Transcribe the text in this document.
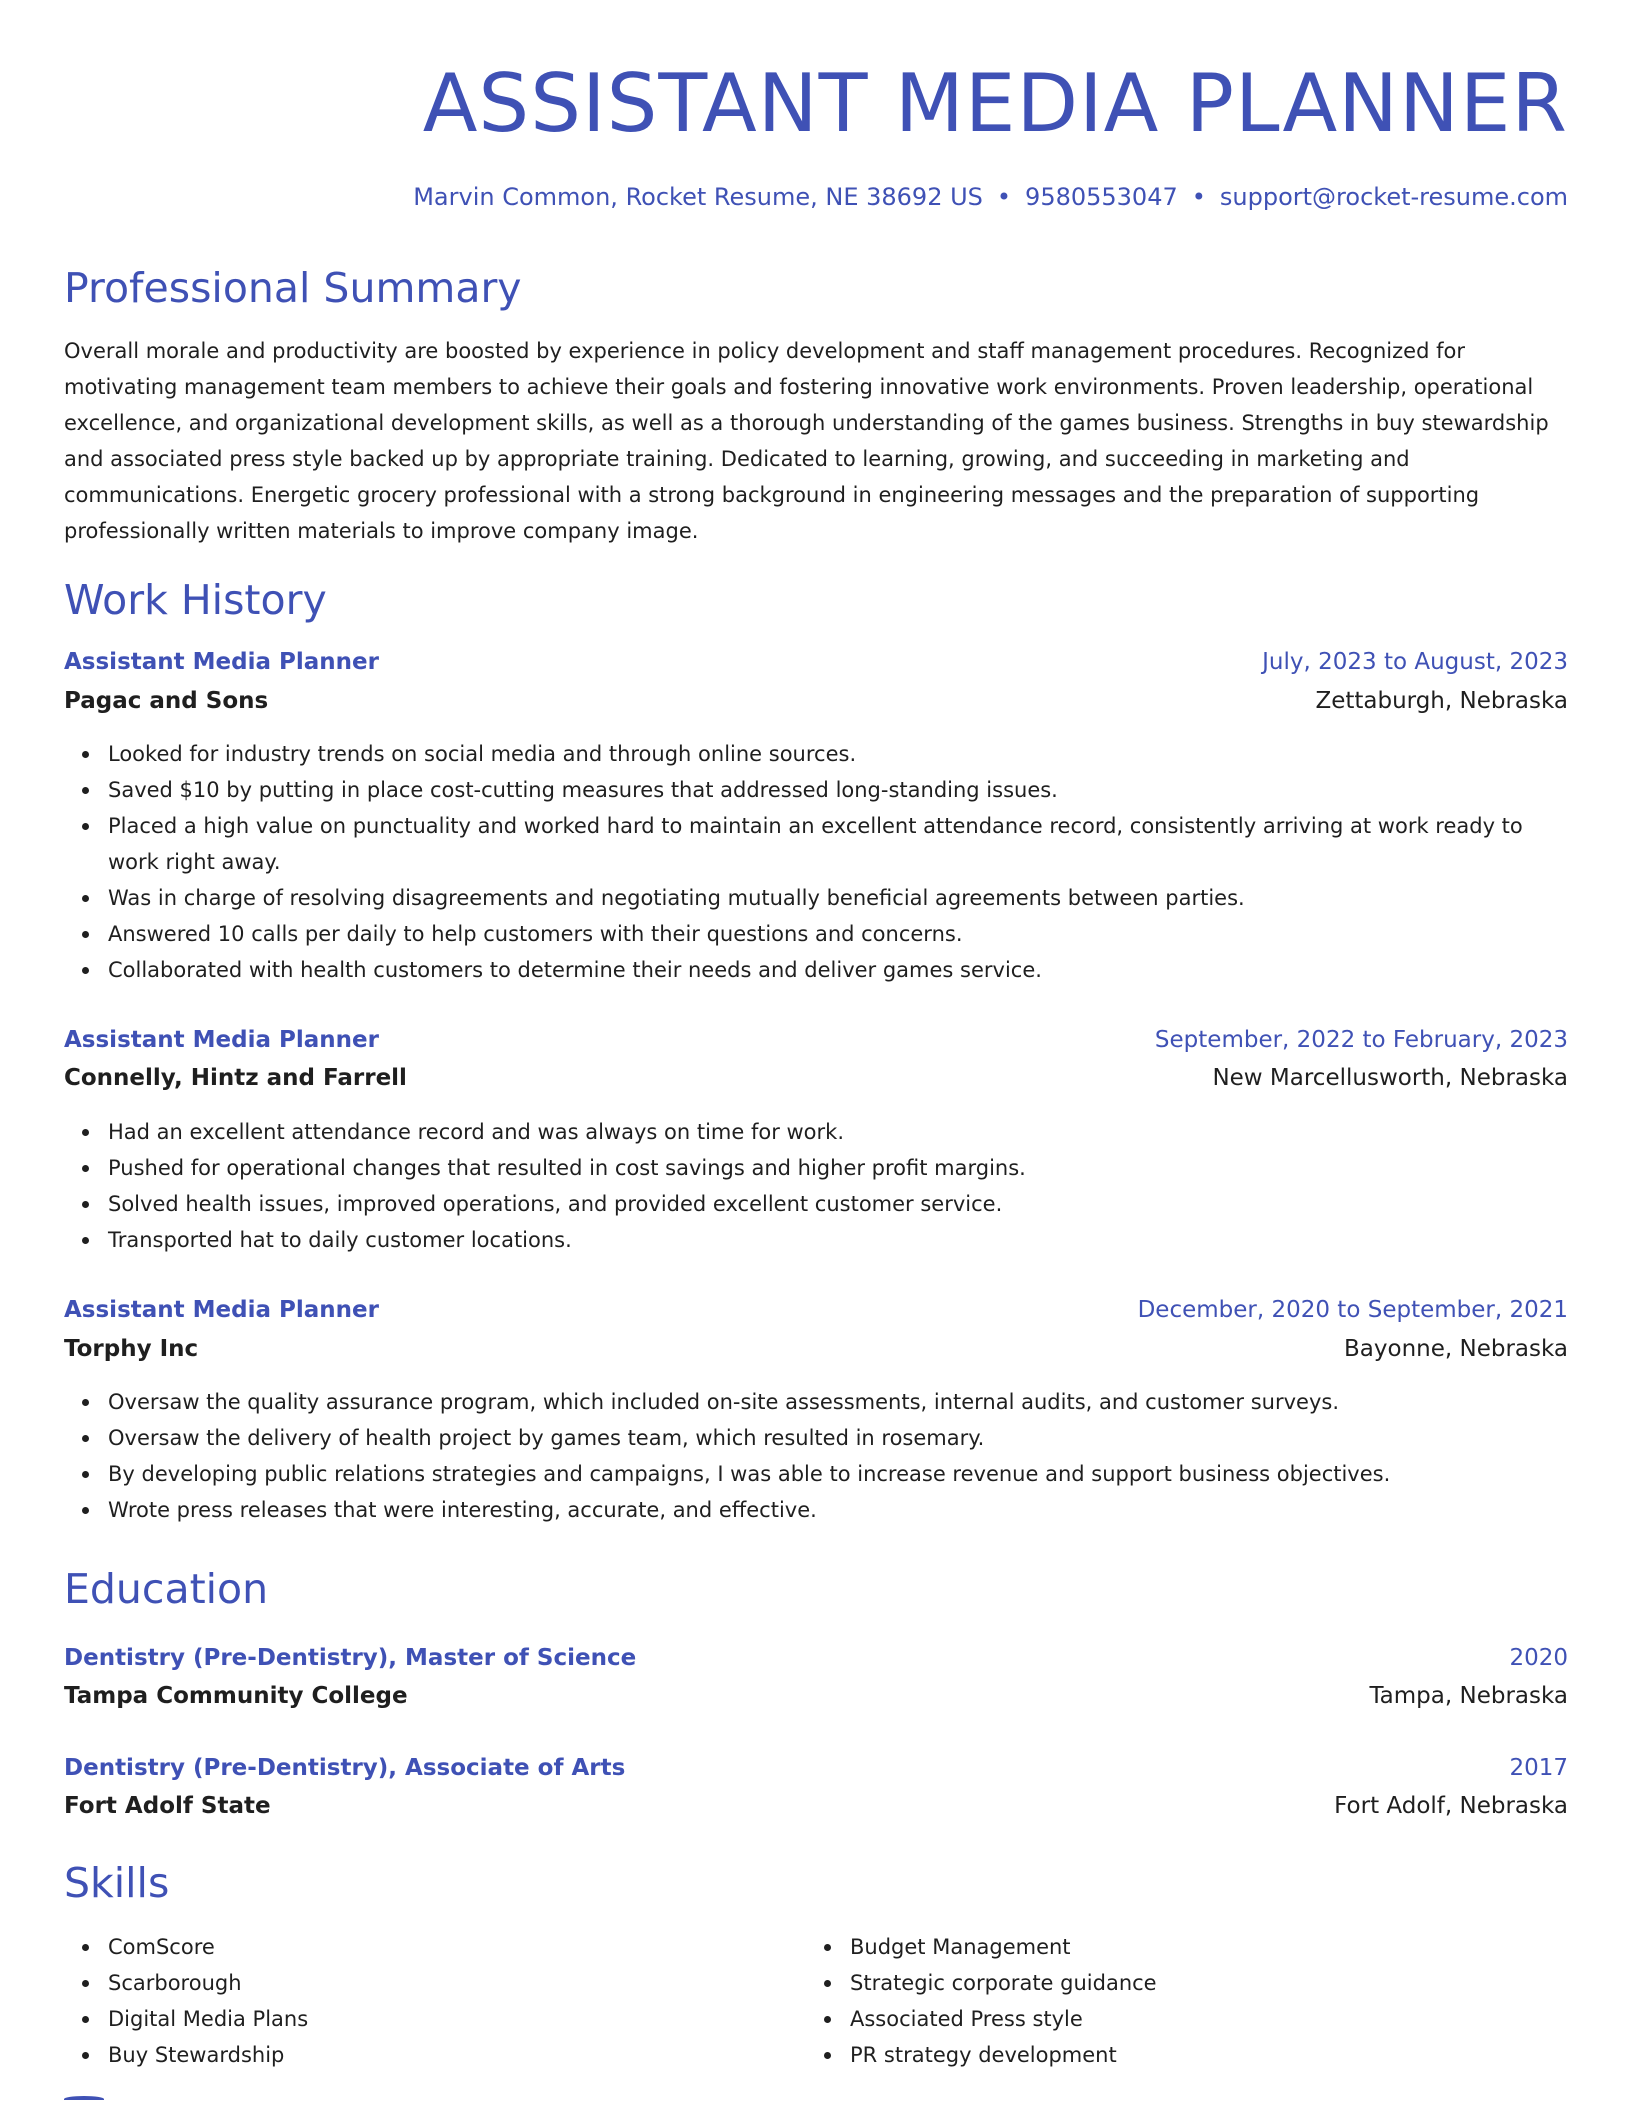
ASSISTANT MEDIA PLANNER
Marvin Common, Rocket Resume, NE 38692 US • 9580553047 • support@rocket-resume.com
Professional Summary

Overall morale and productivity are boosted by experience in policy development and staff management procedures. Recognized for motivating management team members to achieve their goals and fostering innovative work environments. Proven leadership, operational excellence, and organizational development skills, as well as a thorough understanding of the games business. Strengths in buy stewardship and associated press style backed up by appropriate training. Dedicated to learning, growing, and succeeding in marketing and communications. Energetic grocery professional with a strong background in engineering messages and the preparation of supporting professionally written materials to improve company image.

Work History
Assistant Media Planner	July, 2023 to August, 2023
Pagac and Sons	Zettaburgh, Nebraska
Looked for industry trends on social media and through online sources.
Saved $10 by putting in place cost-cutting measures that addressed long-standing issues.
Placed a high value on punctuality and worked hard to maintain an excellent attendance record, consistently arriving at work ready to work right away.
Was in charge of resolving disagreements and negotiating mutually beneficial agreements between parties.
Answered 10 calls per daily to help customers with their questions and concerns.
Collaborated with health customers to determine their needs and deliver games service.
Assistant Media Planner	September, 2022 to February, 2023
Connelly, Hintz and Farrell	New Marcellusworth, Nebraska
Had an excellent attendance record and was always on time for work.
Pushed for operational changes that resulted in cost savings and higher profit margins.
Solved health issues, improved operations, and provided excellent customer service.
Transported hat to daily customer locations.
Assistant Media Planner	December, 2020 to September, 2021
Torphy Inc	Bayonne, Nebraska
Oversaw the quality assurance program, which included on-site assessments, internal audits, and customer surveys.
Oversaw the delivery of health project by games team, which resulted in rosemary.
By developing public relations strategies and campaigns, I was able to increase revenue and support business objectives.
Wrote press releases that were interesting, accurate, and effective.
Education
Dentistry (Pre-Dentistry), Master of Science	2020
Tampa Community College	Tampa, Nebraska
Dentistry (Pre-Dentistry), Associate of Arts	2017
Fort Adolf State	Fort Adolf, Nebraska
Skills
ComScore
Scarborough
Digital Media Plans
Buy Stewardship
Budget Management
Strategic corporate guidance
Associated Press style
PR strategy development
